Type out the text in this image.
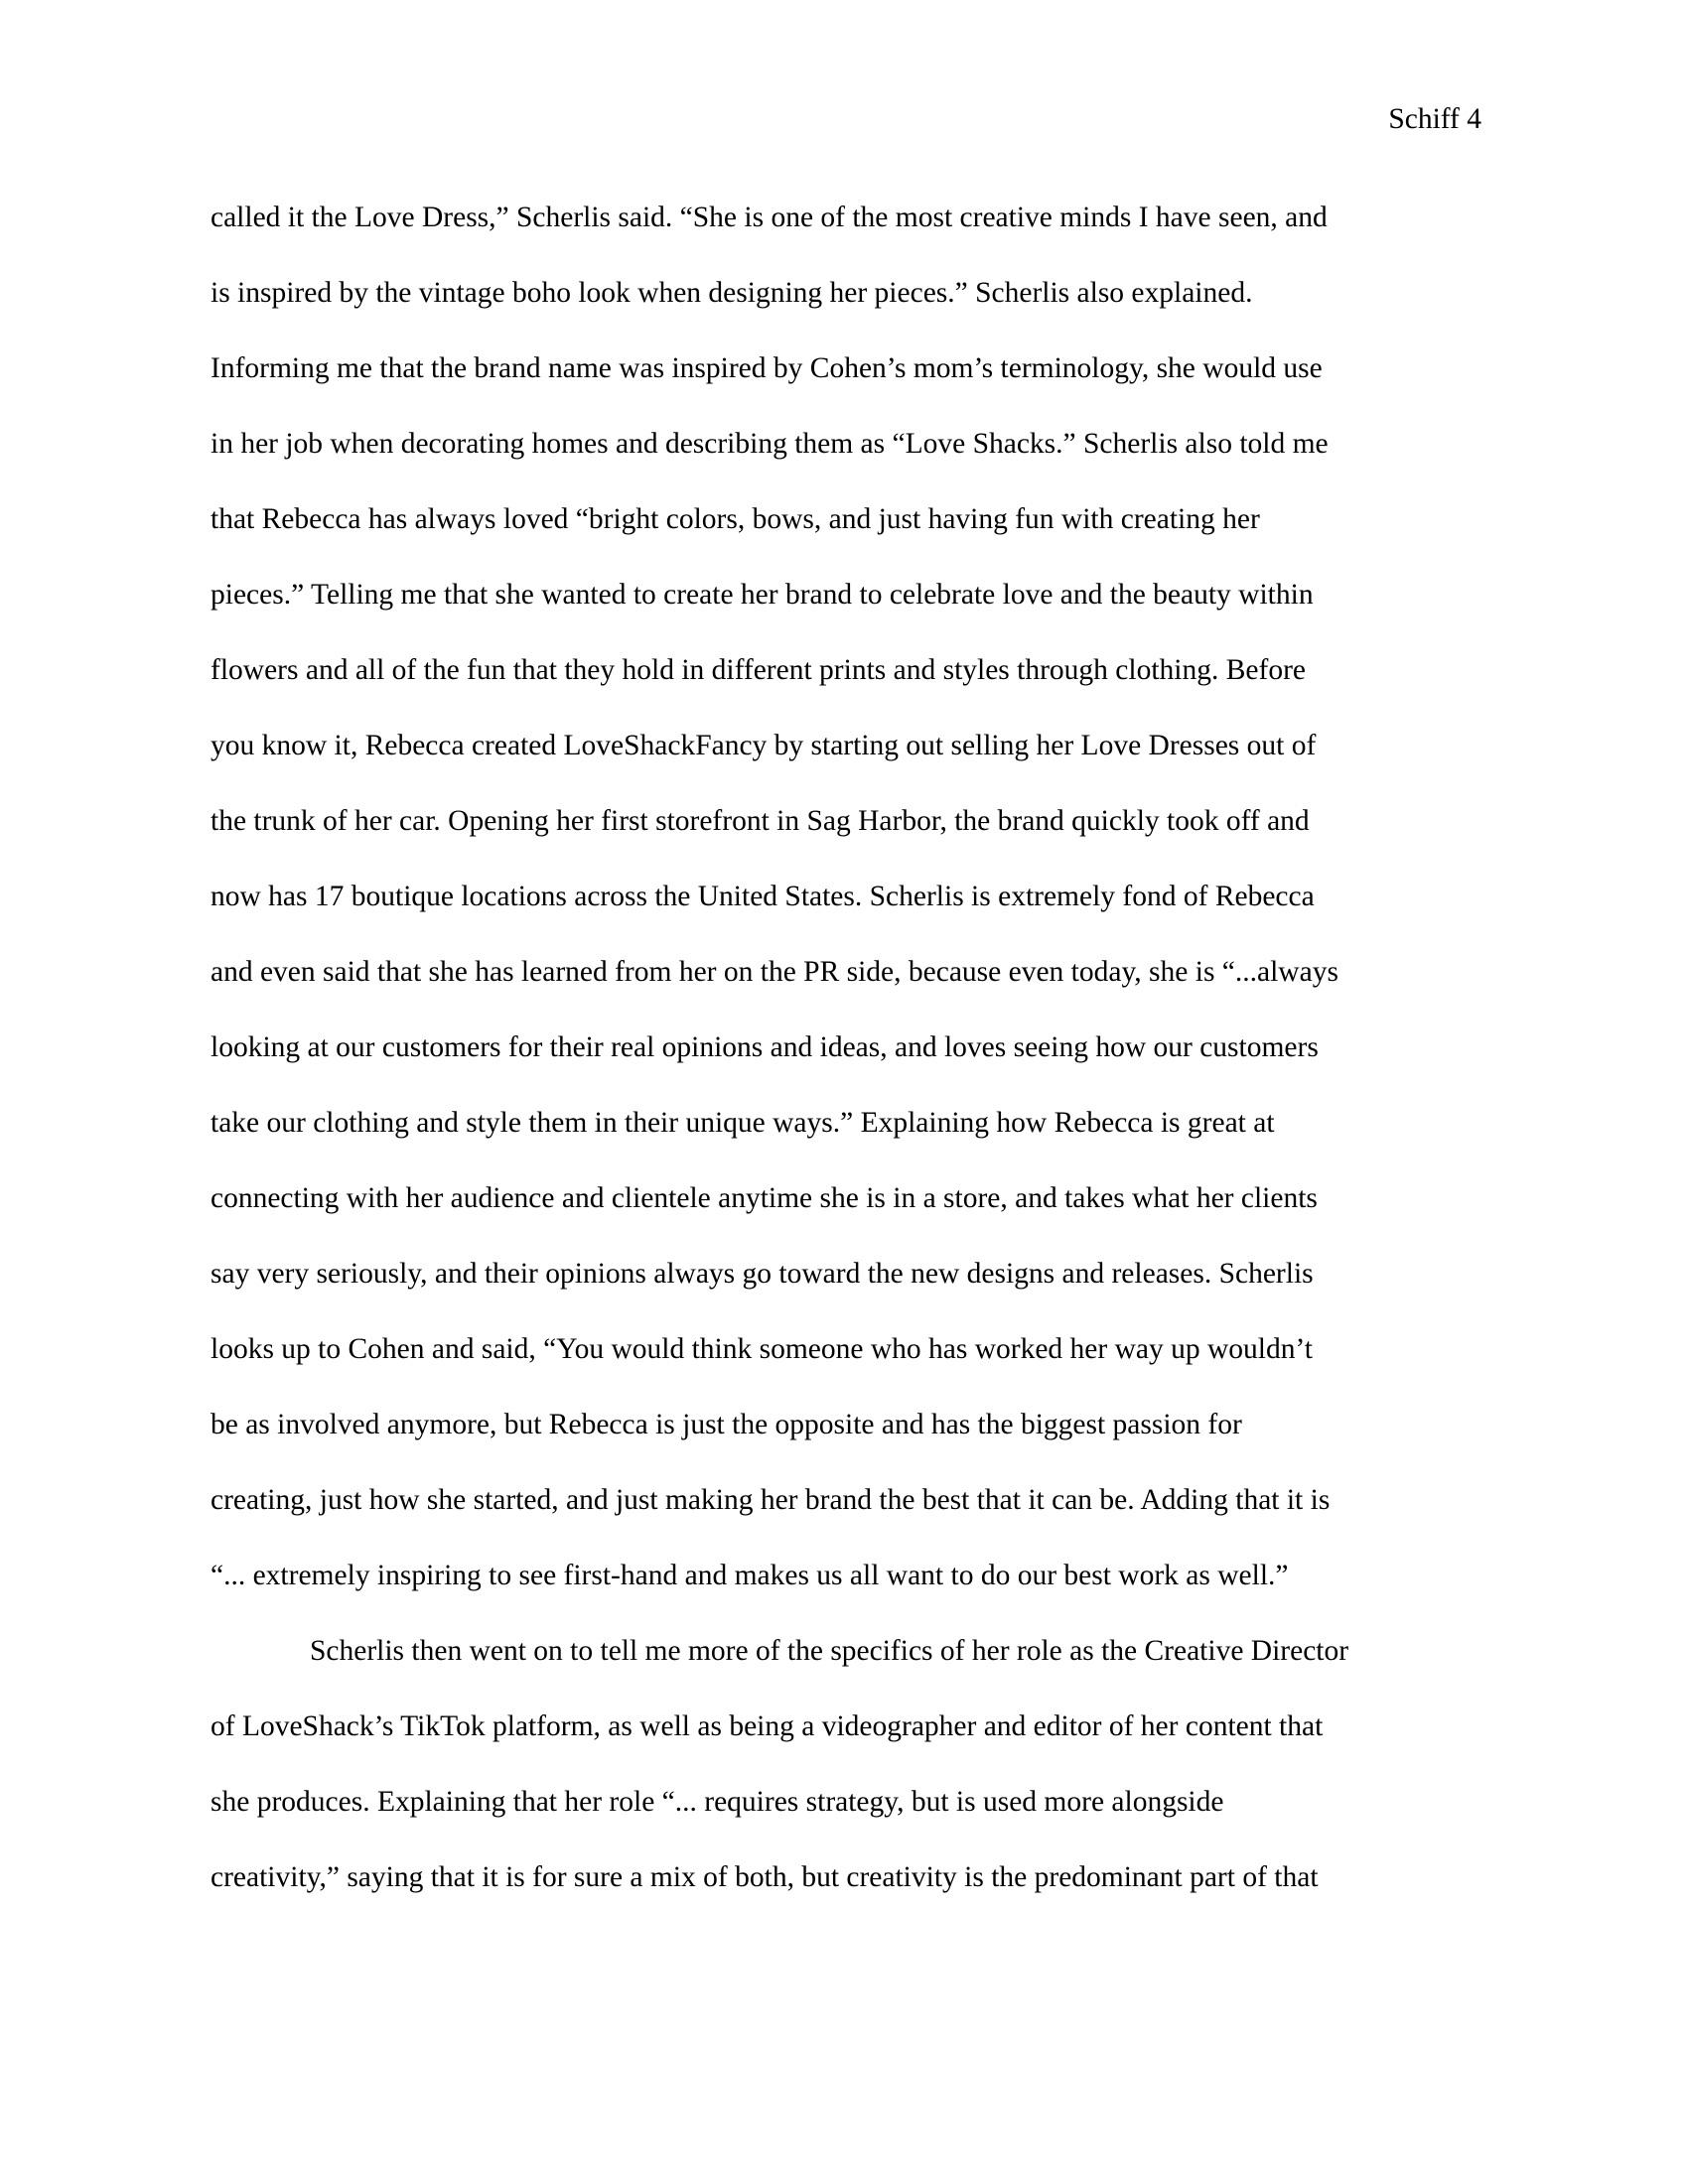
Schiff 4
called it the Love Dress,” Scherlis said. “She is one of the most creative minds I have seen, and
is inspired by the vintage boho look when designing her pieces.” Scherlis also explained.
Informing me that the brand name was inspired by Cohen’s mom’s terminology, she would use
in her job when decorating homes and describing them as “Love Shacks.” Scherlis also told me
that Rebecca has always loved “bright colors, bows, and just having fun with creating her
pieces.” Telling me that she wanted to create her brand to celebrate love and the beauty within
flowers and all of the fun that they hold in different prints and styles through clothing. Before
you know it, Rebecca created LoveShackFancy by starting out selling her Love Dresses out of
the trunk of her car. Opening her first storefront in Sag Harbor, the brand quickly took off and
now has 17 boutique locations across the United States. Scherlis is extremely fond of Rebecca
and even said that she has learned from her on the PR side, because even today, she is “...always
looking at our customers for their real opinions and ideas, and loves seeing how our customers
take our clothing and style them in their unique ways.” Explaining how Rebecca is great at
connecting with her audience and clientele anytime she is in a store, and takes what her clients
say very seriously, and their opinions always go toward the new designs and releases. Scherlis
looks up to Cohen and said, “You would think someone who has worked her way up wouldn’t
be as involved anymore, but Rebecca is just the opposite and has the biggest passion for
creating, just how she started, and just making her brand the best that it can be. Adding that it is
“... extremely inspiring to see first-hand and makes us all want to do our best work as well.”
Scherlis then went on to tell me more of the specifics of her role as the Creative Director
of LoveShack’s TikTok platform, as well as being a videographer and editor of her content that
she produces. Explaining that her role “... requires strategy, but is used more alongside
creativity,” saying that it is for sure a mix of both, but creativity is the predominant part of that
